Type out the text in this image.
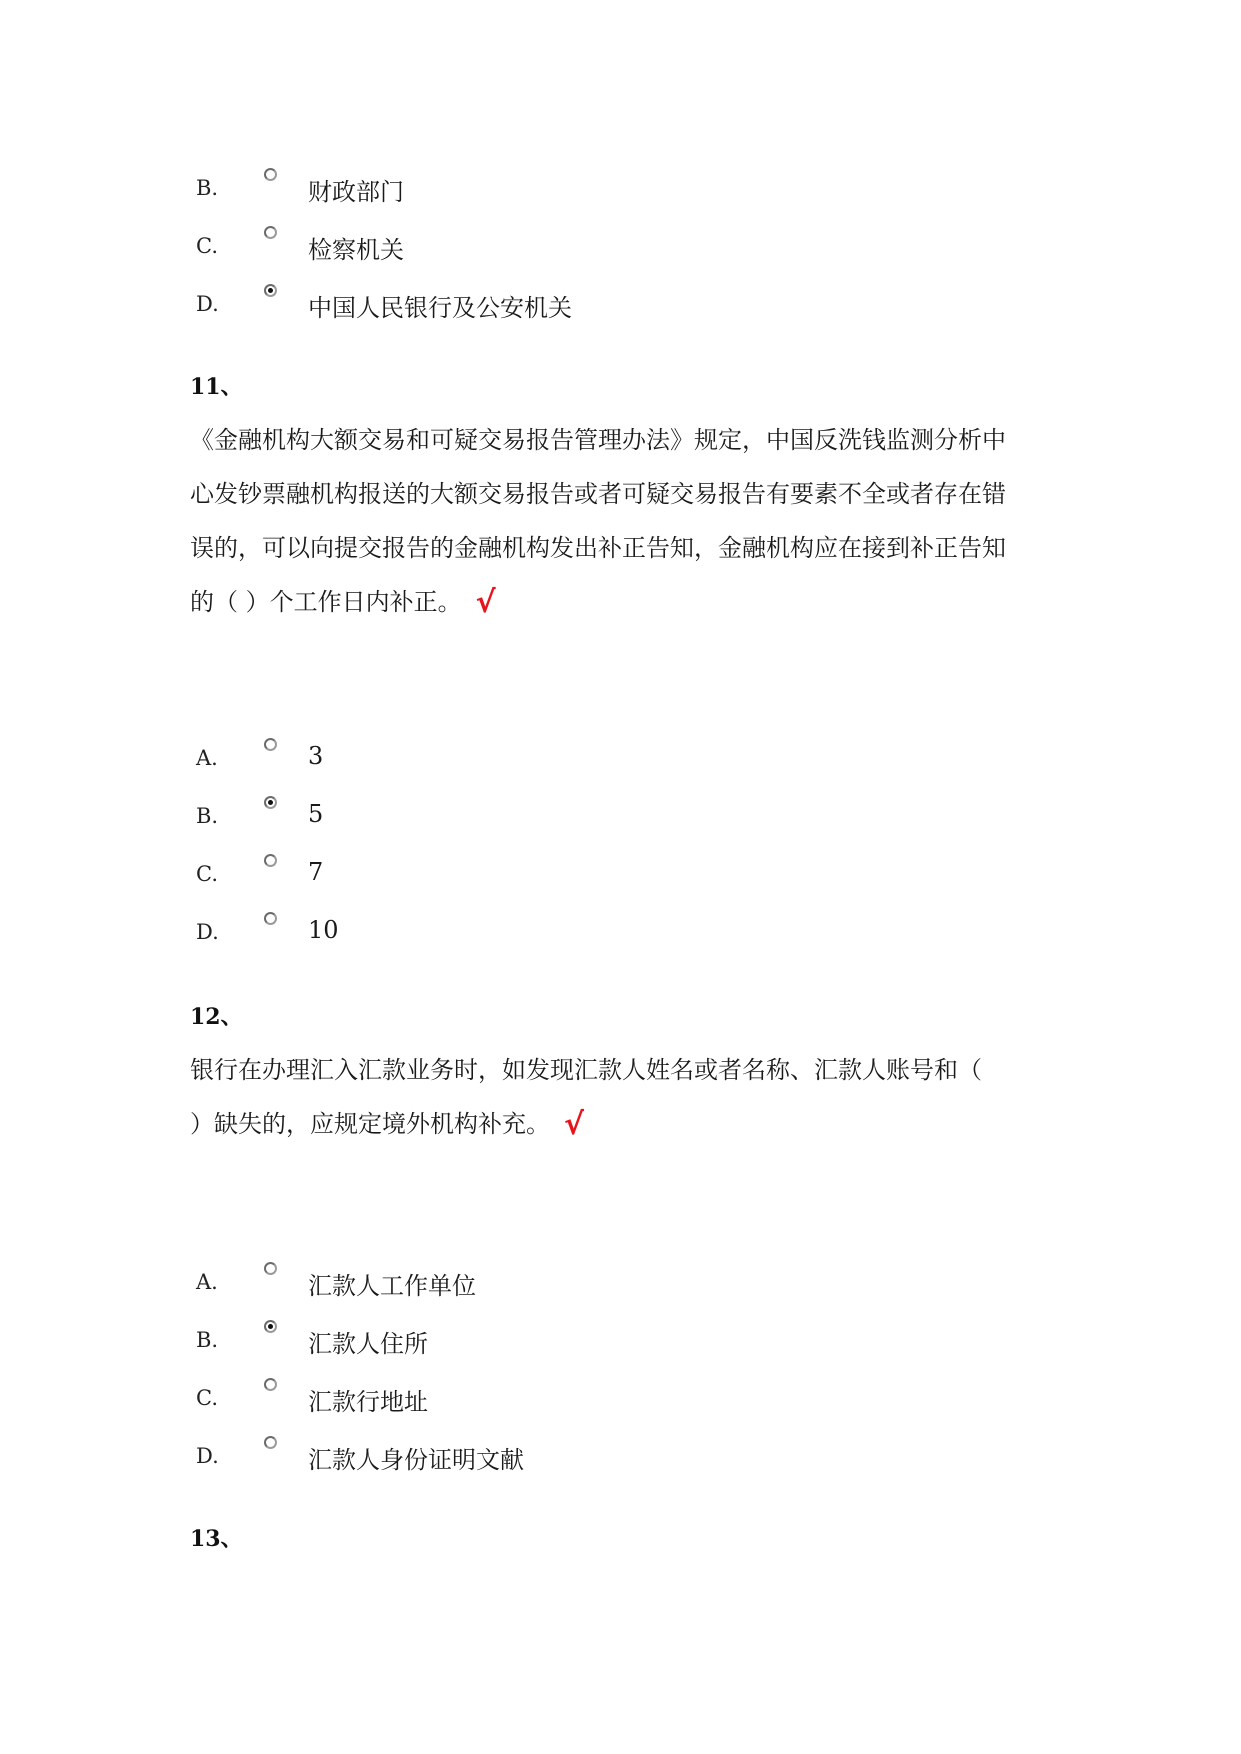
B.	财政部门
C.	检察机关
D.	中国人民银行及公安机关
11、
《金融机构大额交易和可疑交易报告管理办法》规定，中国反洗钱监测分析中
心发钞票融机构报送的大额交易报告或者可疑交易报告有要素不全或者存在错
误的，可以向提交报告的金融机构发出补正告知，金融机构应在接到补正告知
的（ ）个工作日内补正。 √
A.	3
B.	5
C.	7
D.	10
12、
银行在办理汇入汇款业务时，如发现汇款人姓名或者名称、汇款人账号和（
）缺失的，应规定境外机构补充。 √
A.	汇款人工作单位
B.	汇款人住所
C.	汇款行地址
D.	汇款人身份证明文献
13、
